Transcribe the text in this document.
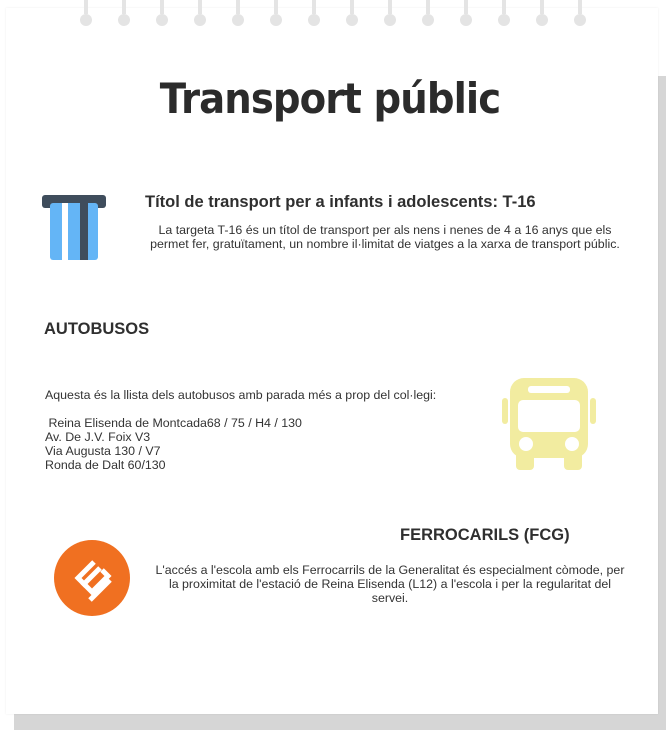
Transport públic
Títol de transport per a infants i adolescents: T-16
La targeta T-16 és un títol de transport per als nens i nenes de 4 a 16 anys que els permet fer, gratuïtament, un nombre il·limitat de viatges a la xarxa de transport públic.
AUTOBUSOS
Aquesta és la llista dels autobusos amb parada més a prop del col·legi:
Reina Elisenda de Montcada68 / 75 / H4 / 130
Av. De J.V. Foix V3
Via Augusta 130 / V7
Ronda de Dalt 60/130
FERROCARILS (FCG)
L'accés a l'escola amb els Ferrocarrils de la Generalitat és especialment còmode, per la proximitat de l'estació de Reina Elisenda (L12) a l'escola i per la regularitat del servei.
